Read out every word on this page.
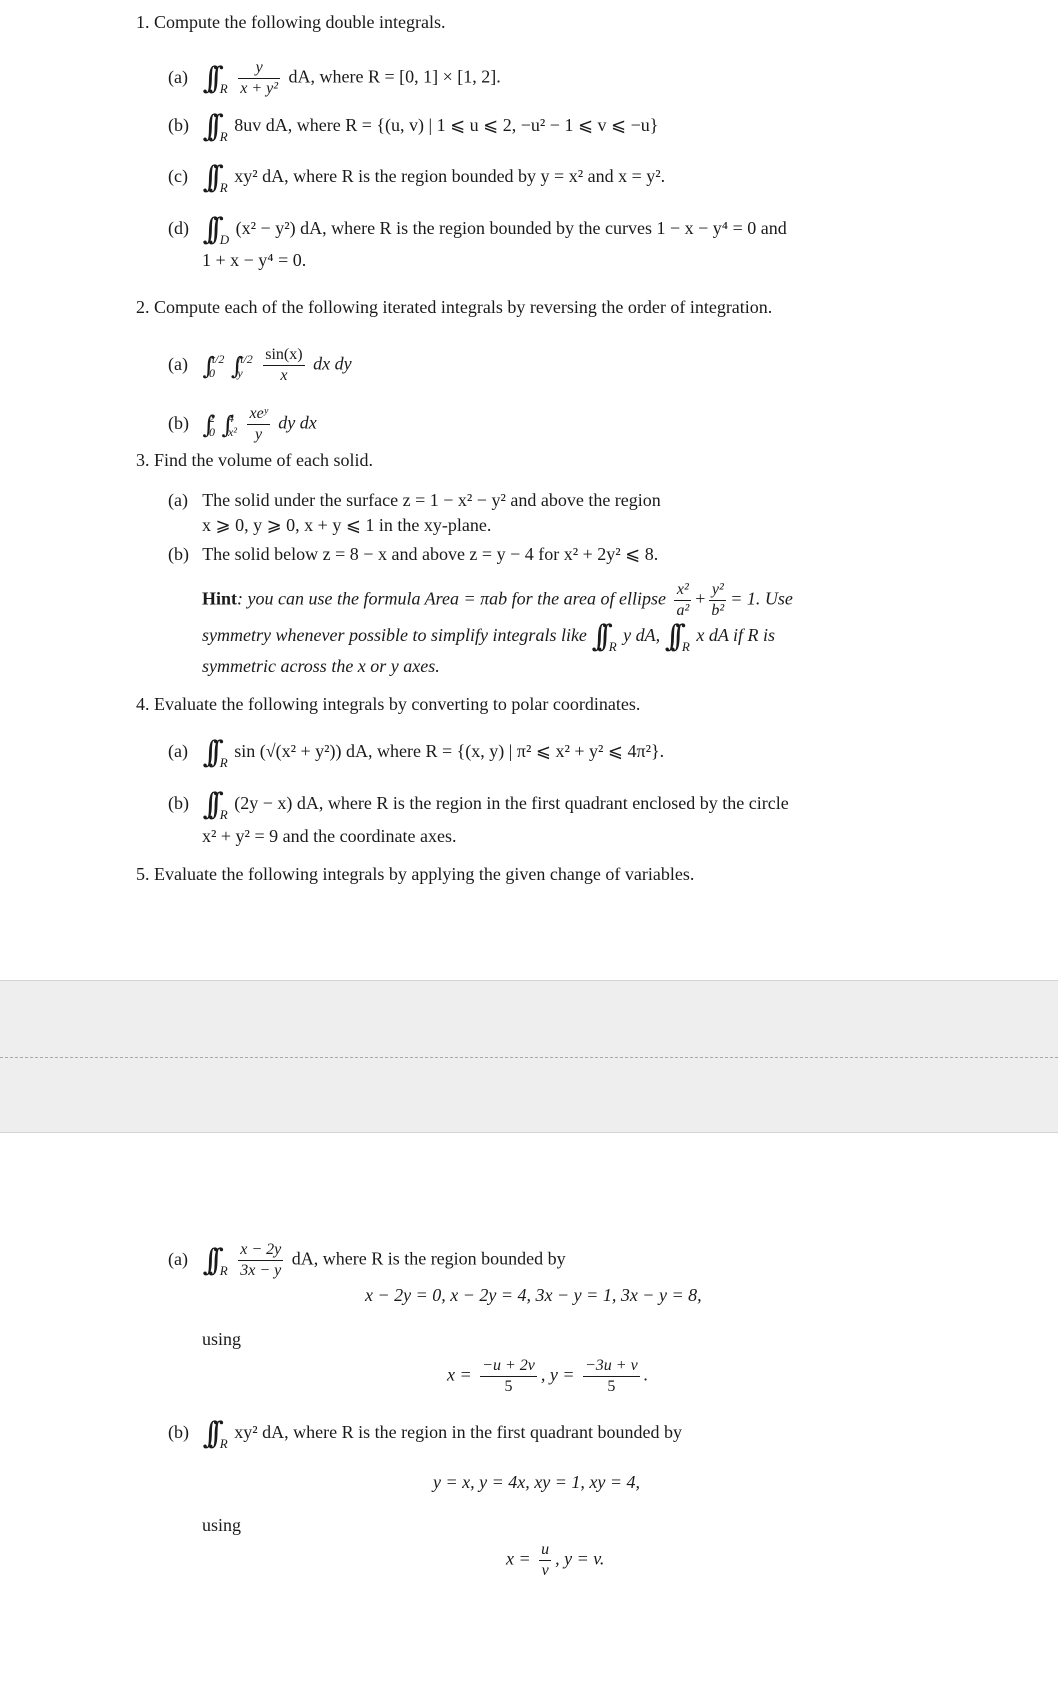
1. Compute the following double integrals.
(a) ∫∫ $_R \frac{y}{\text{x + y²}}$ dA, where R = [0, 1] × [1, 2].
(b) ∫∫ $_R$ 8uv dA, where R = {(u, v) | 1 ⩽ u ⩽ 2, −u² − 1 ⩽ v ⩽ −u}
(c) ∫∫ $_R$ xy² dA, where R is the region bounded by y = x² and x = y².
(d) ∫∫ $_D$ (x² − y²) dA, where R is the region bounded by the curves 1 − x − y⁴ = 0 and
1 + x − y⁴ = 0.
2. Compute each of the following iterated integrals by reversing the order of integration.
(a) ∫ π/2
0 ∫ π/2
y
	$\frac{\sin(x)}{x}$ dx dy
(b) ∫ 2
0 ∫ 4
x²
$\frac{\text{xeʸ}}{y}$ dy dx
3. Find the volume of each solid.
(a) The solid under the surface z = 1 − x² − y² and above the region
x ⩾ 0, y ⩾ 0, x + y ⩽ 1 in the xy-plane.
(b) The solid below z = 8 − x and above z = y − 4 for x² + 2y² ⩽ 8.
Hint: you can use the formula Area = πab for the area of ellipse $\frac{\text{x²}}{\text{a²}} + \frac{\text{y²}}{\text{b²}} = 1$. Use
symmetry whenever possible to simplify integrals like ∫∫ $_R$ y dA, ∫∫ $_R$ x dA if R is
symmetric across the x or y axes.
4. Evaluate the following integrals by converting to polar coordinates.
(a) ∫∫ $_R$ sin (√(x² + y²)) dA, where R = {(x, y) | π² ⩽ x² + y² ⩽ 4π²}.
(b) ∫∫ $_R$ (2y − x) dA, where R is the region in the first quadrant enclosed by the circle
x² + y² = 9 and the coordinate axes.
5. Evaluate the following integrals by applying the given change of variables.
(a) ∫∫ $_R \frac{x - 2y}{3x - y}$ dA, where R is the region bounded by
x − 2y = 0, x − 2y = 4, 3x − y = 1, 3x − y = 8,
using
$x = \frac{-u + 2v}{5}$ , $y = \frac{-3u + v}{5}$ .
(b) ∫∫ $_R$ xy² dA, where R is the region in the first quadrant bounded by
y = x, y = 4x, xy = 1, xy = 4,
using
$x = \frac{u}{v}$ , y = v.
